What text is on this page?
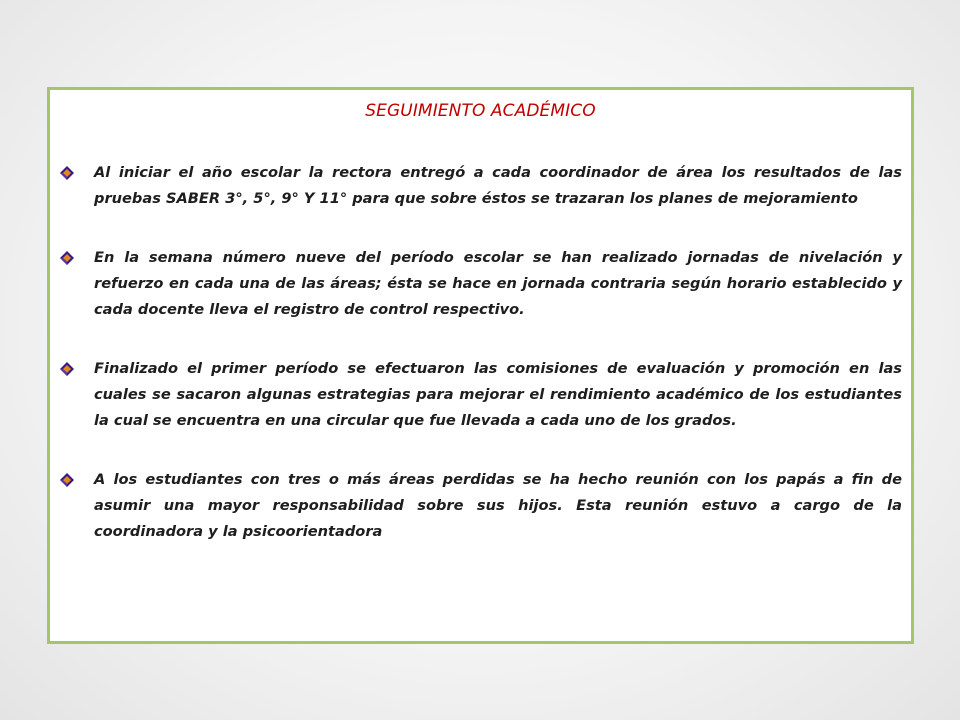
SEGUIMIENTO ACADÉMICO
Al iniciar el año escolar la rectora entregó a cada coordinador de área los resultados de las pruebas SABER 3°, 5°, 9° Y 11° para que sobre éstos se trazaran los planes de mejoramiento
En la semana número nueve del período escolar se han realizado jornadas de nivelación y refuerzo en cada una de las áreas; ésta se hace en jornada contraria según horario establecido y cada docente lleva el registro de control respectivo.
Finalizado el primer período se efectuaron las comisiones de evaluación y promoción en las cuales se sacaron algunas estrategias para mejorar el rendimiento académico de los estudiantes la cual se encuentra en una circular que fue llevada a cada uno de los grados.
A los estudiantes con tres o más áreas perdidas se ha hecho reunión con los papás a fin de asumir una mayor responsabilidad sobre sus hijos. Esta reunión estuvo a cargo de la coordinadora y la psicoorientadora
